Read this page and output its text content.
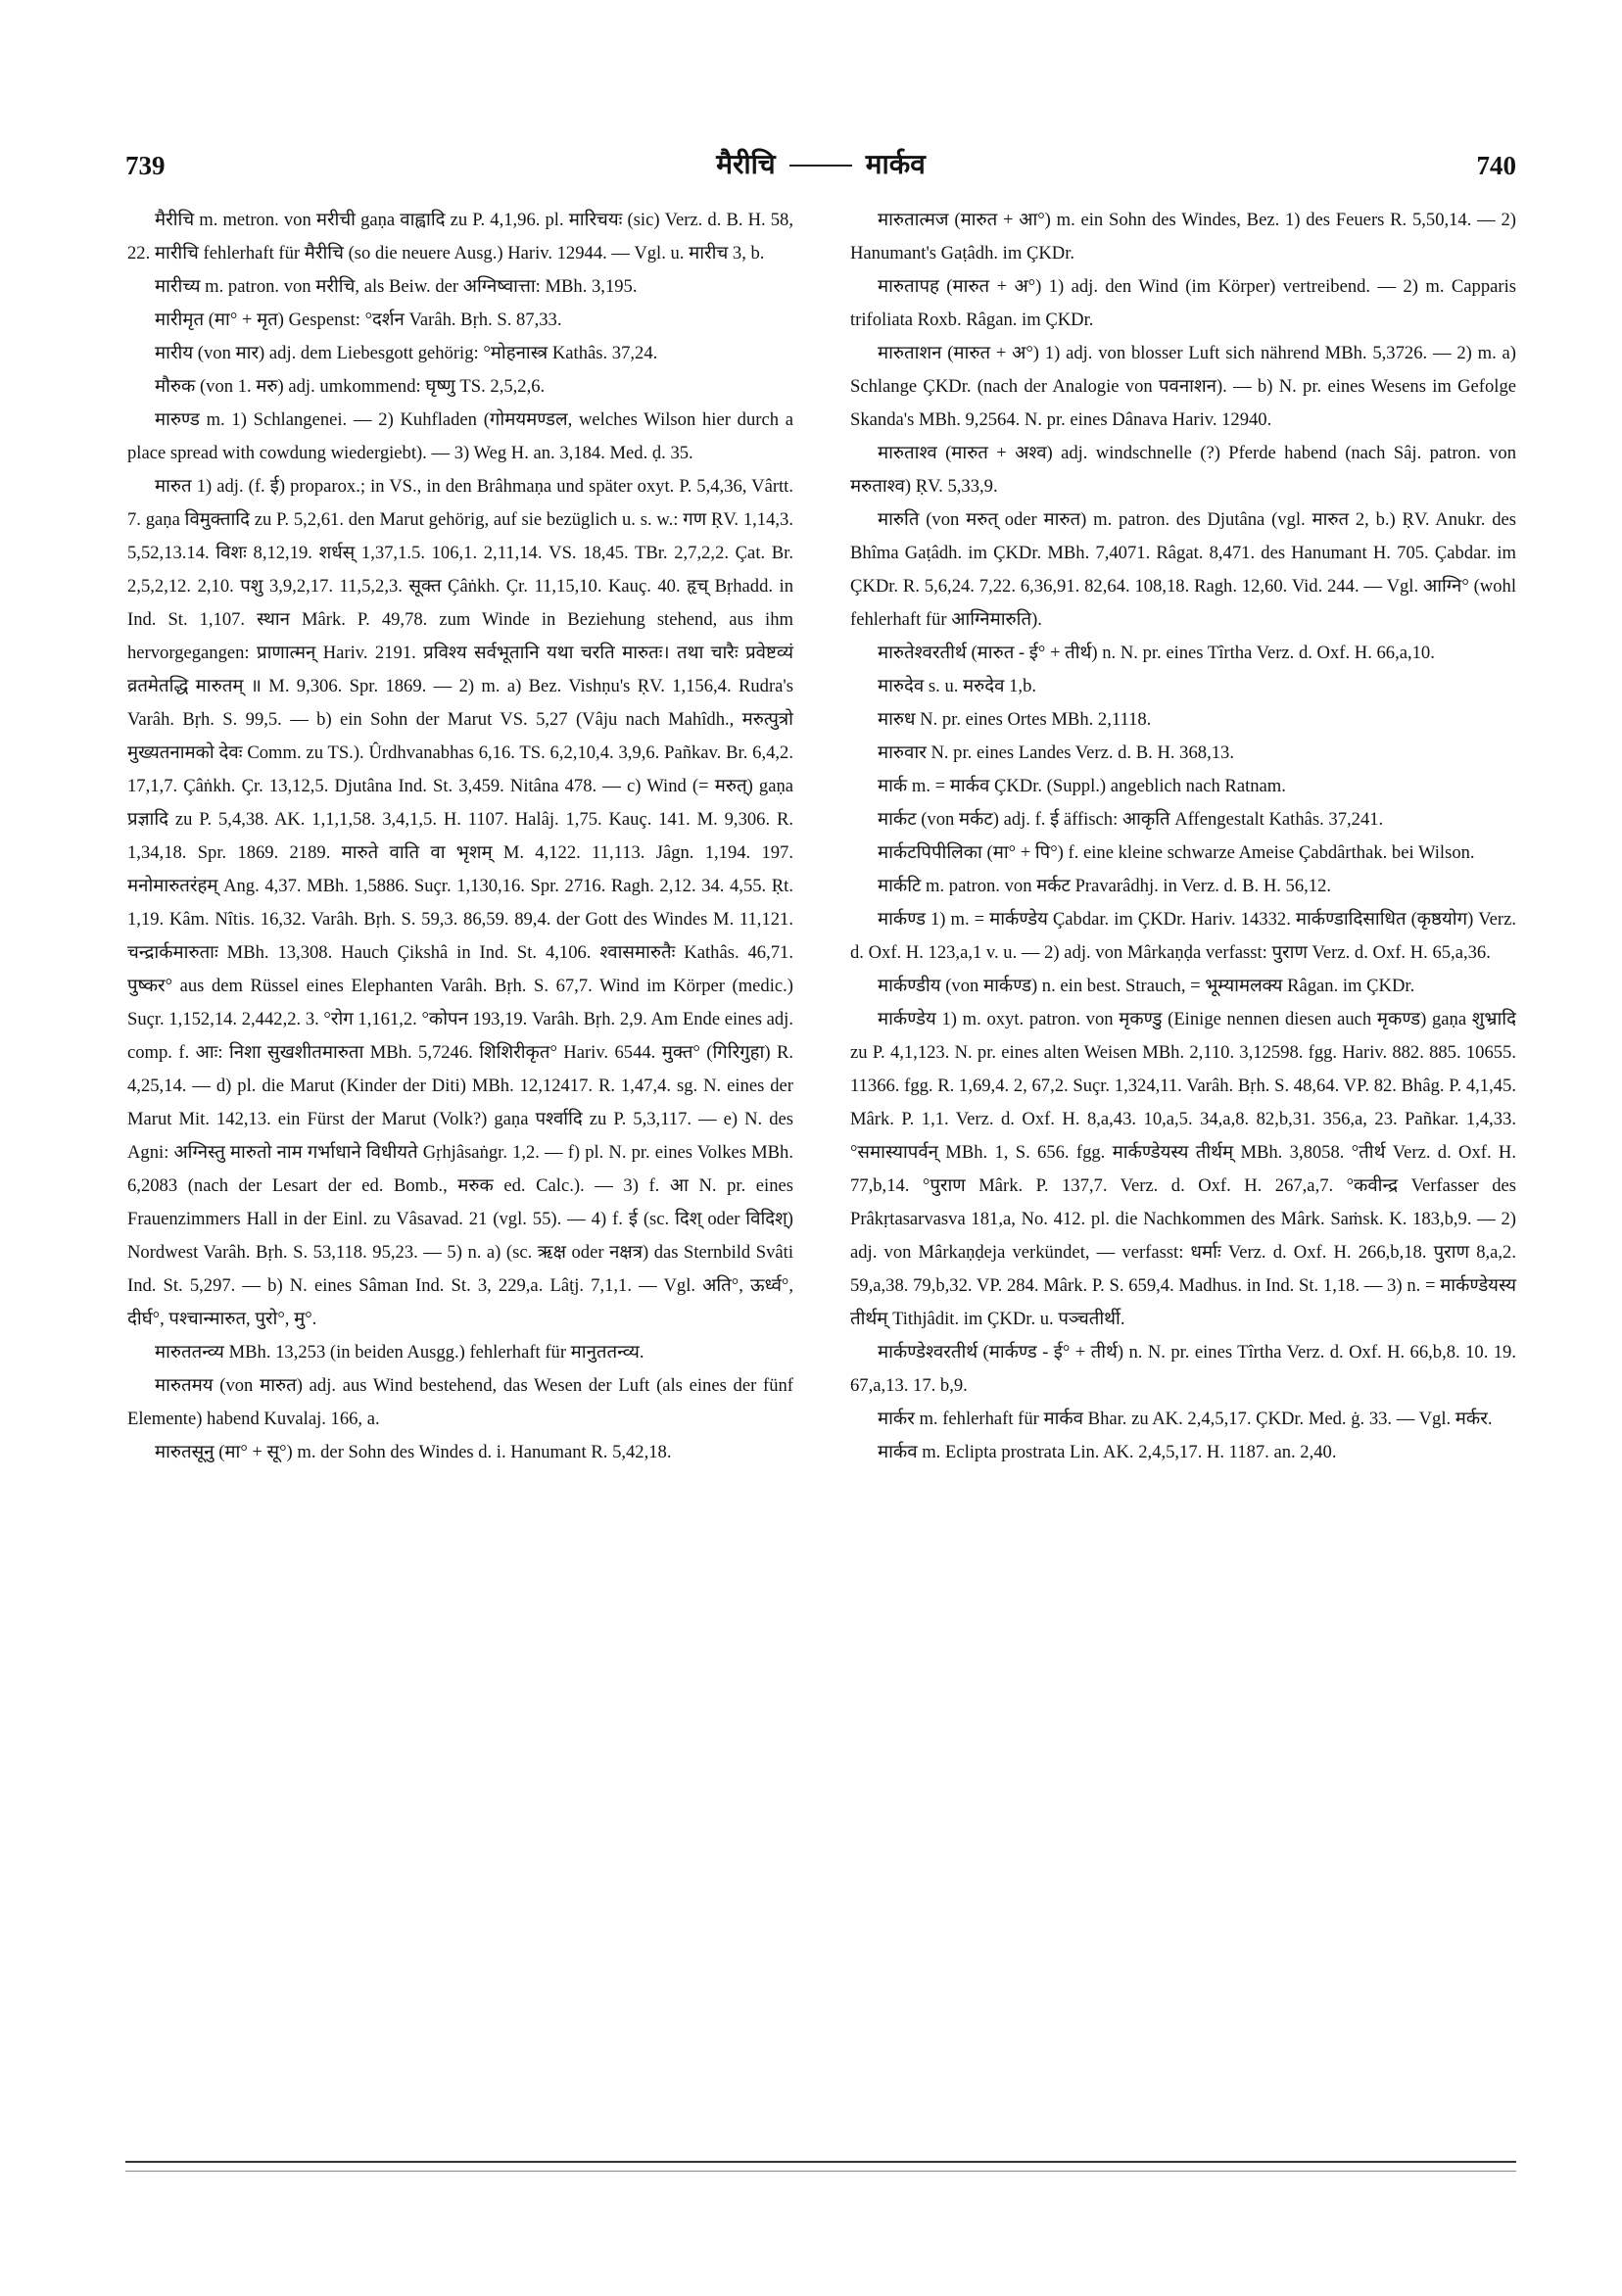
739	मैरीचि	मार्कव	740

मैरीचि m. metron. von मरीची gaṇa वाह्वादि zu P. 4,1,96. pl. मारिचयः (sic) Verz. d. B. H. 58, 22. मारीचि fehlerhaft für मैरीचि (so die neuere Ausg.) Hariv. 12944. — Vgl. u. मारीच 3, b.

मारीच्य m. patron. von मरीचि, als Beiw. der अग्निष्वात्ता: MBh. 3,195.

मारीमृत (मा° + मृत) Gespenst: °दर्शन Varâh. Bṛh. S. 87,33.

मारीय (von मार) adj. dem Liebesgott gehörig: °मोहनास्त्र Kathâs. 37,24.

मौरुक (von 1. मरु) adj. umkommend: घृष्णु TS. 2,5,2,6.

मारुण्ड m. 1) Schlangenei. — 2) Kuhfladen (गोमयमण्डल, welches Wilson hier durch a place spread with cowdung wiedergiebt). — 3) Weg H. an. 3,184. Med. ḍ. 35.

मारुत 1) adj. (f. ई) proparox.; in VS., in den Brâhmaṇa und später oxyt. P. 5,4,36, Vârtt. 7. gaṇa विमुक्तादि zu P. 5,2,61. den Marut gehörig, auf sie bezüglich u. s. w.: गण ṚV. 1,14,3. 5,52,13.14. विशः 8,12,19. शर्धस् 1,37,1.5. 106,1. 2,11,14. VS. 18,45. TBr. 2,7,2,2. Çat. Br. 2,5,2,12. 2,10. पशु 3,9,2,17. 11,5,2,3. सूक्त Çâṅkh. Çr. 11,15,10. Kauç. 40. हृच् Bṛhadd. in Ind. St. 1,107. स्थान Mârk. P. 49,78. zum Winde in Beziehung stehend, aus ihm hervorgegangen: प्राणात्मन् Hariv. 2191. प्रविश्य सर्वभूतानि यथा चरति मारुतः। तथा चारैः प्रवेष्टव्यं व्रतमेतद्धि मारुतम् ॥ M. 9,306. Spr. 1869. — 2) m. a) Bez. Vishṇu's ṚV. 1,156,4. Rudra's Varâh. Bṛh. S. 99,5. — b) ein Sohn der Marut VS. 5,27 (Vâju nach Mahîdh., मरुत्पुत्रो मुख्यतनामको देवः Comm. zu TS.). Ûrdhvanabhas 6,16. TS. 6,2,10,4. 3,9,6. Pañkav. Br. 6,4,2. 17,1,7. Çâṅkh. Çr. 13,12,5. Djutâna Ind. St. 3,459. Nitâna 478. — c) Wind (= मरुत्) gaṇa प्रज्ञादि zu P. 5,4,38. AK. 1,1,1,58. 3,4,1,5. H. 1107. Halâj. 1,75. Kauç. 141. M. 9,306. R. 1,34,18. Spr. 1869. 2189. मारुते वाति वा भृशम् M. 4,122. 11,113. Jâgn. 1,194. 197. मनोमारुतरंहम् Ang. 4,37. MBh. 1,5886. Suçr. 1,130,16. Spr. 2716. Ragh. 2,12. 34. 4,55. Ṛt. 1,19. Kâm. Nîtis. 16,32. Varâh. Bṛh. S. 59,3. 86,59. 89,4. der Gott des Windes M. 11,121. चन्द्रार्कमारुताः MBh. 13,308. Hauch Çikshâ in Ind. St. 4,106. श्वासमारुतैः Kathâs. 46,71. पुष्कर° aus dem Rüssel eines Elephanten Varâh. Bṛh. S. 67,7. Wind im Körper (medic.) Suçr. 1,152,14. 2,442,2. 3. °रोग 1,161,2. °कोपन 193,19. Varâh. Bṛh. 2,9. Am Ende eines adj. comp. f. आः: निशा सुखशीतमारुता MBh. 5,7246. शिशिरीकृत° Hariv. 6544. मुक्त° (गिरिगुहा) R. 4,25,14. — d) pl. die Marut (Kinder der Diti) MBh. 12,12417. R. 1,47,4. sg. N. eines der Marut Mit. 142,13. ein Fürst der Marut (Volk?) gaṇa पर्श्वादि zu P. 5,3,117. — e) N. des Agni: अग्निस्तु मारुतो नाम गर्भाधाने विधीयते Gṛhjâsaṅgr. 1,2. — f) pl. N. pr. eines Volkes MBh. 6,2083 (nach der Lesart der ed. Bomb., मरुक ed. Calc.). — 3) f. आ N. pr. eines Frauenzimmers Hall in der Einl. zu Vâsavad. 21 (vgl. 55). — 4) f. ई (sc. दिश् oder विदिश्) Nordwest Varâh. Bṛh. S. 53,118. 95,23. — 5) n. a) (sc. ऋक्ष oder नक्षत्र) das Sternbild Svâti Ind. St. 5,297. — b) N. eines Sâman Ind. St. 3, 229,a. Lâṭj. 7,1,1. — Vgl. अति°, ऊर्ध्व°, दीर्घ°, पश्चान्मारुत, पुरो°, मु°.

मारुततन्व्य MBh. 13,253 (in beiden Ausgg.) fehlerhaft für मानुततन्व्य.

मारुतमय (von मारुत) adj. aus Wind bestehend, das Wesen der Luft (als eines der fünf Elemente) habend Kuvalaj. 166, a.

मारुतसूनु (मा° + सू°) m. der Sohn des Windes d. i. Hanumant R. 5,42,18.

मारुतात्मज (मारुत + आ°) m. ein Sohn des Windes, Bez. 1) des Feuers R. 5,50,14. — 2) Hanumant's Gaṭâdh. im ÇKDr.

मारुतापह (मारुत + अ°) 1) adj. den Wind (im Körper) vertreibend. — 2) m. Capparis trifoliata Roxb. Râgan. im ÇKDr.

मारुताशन (मारुत + अ°) 1) adj. von blosser Luft sich nährend MBh. 5,3726. — 2) m. a) Schlange ÇKDr. (nach der Analogie von पवनाशन). — b) N. pr. eines Wesens im Gefolge Skanda's MBh. 9,2564. N. pr. eines Dânava Hariv. 12940.

मारुताश्व (मारुत + अश्व) adj. windschnelle (?) Pferde habend (nach Sâj. patron. von मरुताश्व) ṚV. 5,33,9.

मारुति (von मरुत् oder मारुत) m. patron. des Djutâna (vgl. मारुत 2, b.) ṚV. Anukr. des Bhîma Gaṭâdh. im ÇKDr. MBh. 7,4071. Râgat. 8,471. des Hanumant H. 705. Çabdar. im ÇKDr. R. 5,6,24. 7,22. 6,36,91. 82,64. 108,18. Ragh. 12,60. Vid. 244. — Vgl. आग्नि° (wohl fehlerhaft für आग्निमारुति).

मारुतेश्वरतीर्थ (मारुत - ई° + तीर्थ) n. N. pr. eines Tîrtha Verz. d. Oxf. H. 66,a,10.

मारुदेव s. u. मरुदेव 1,b.

मारुध N. pr. eines Ortes MBh. 2,1118.

मारुवार N. pr. eines Landes Verz. d. B. H. 368,13.

मार्क m. = मार्कव ÇKDr. (Suppl.) angeblich nach Ratnam.

मार्कट (von मर्कट) adj. f. ई äffisch: आकृति Affengestalt Kathâs. 37,241.

मार्कटपिपीलिका (मा° + पि°) f. eine kleine schwarze Ameise Çabdârthak. bei Wilson.

मार्कटि m. patron. von मर्कट Pravarâdhj. in Verz. d. B. H. 56,12.

मार्कण्ड 1) m. = मार्कण्डेय Çabdar. im ÇKDr. Hariv. 14332. मार्कण्डादिसाधित (कृष्ठयोग) Verz. d. Oxf. H. 123,a,1 v. u. — 2) adj. von Mârkaṇḍa verfasst: पुराण Verz. d. Oxf. H. 65,a,36.

मार्कण्डीय (von मार्कण्ड) n. ein best. Strauch, = भूम्यामलक्य Râgan. im ÇKDr.

मार्कण्डेय 1) m. oxyt. patron. von मृकण्डु (Einige nennen diesen auch मृकण्ड) gaṇa शुभ्रादि zu P. 4,1,123. N. pr. eines alten Weisen MBh. 2,110. 3,12598. fgg. Hariv. 882. 885. 10655. 11366. fgg. R. 1,69,4. 2, 67,2. Suçr. 1,324,11. Varâh. Bṛh. S. 48,64. VP. 82. Bhâg. P. 4,1,45. Mârk. P. 1,1. Verz. d. Oxf. H. 8,a,43. 10,a,5. 34,a,8. 82,b,31. 356,a, 23. Pañkar. 1,4,33. °समास्यापर्वन् MBh. 1, S. 656. fgg. मार्कण्डेयस्य तीर्थम् MBh. 3,8058. °तीर्थ Verz. d. Oxf. H. 77,b,14. °पुराण Mârk. P. 137,7. Verz. d. Oxf. H. 267,a,7. °कवीन्द्र Verfasser des Prâkṛtasarvasva 181,a, No. 412. pl. die Nachkommen des Mârk. Saṁsk. K. 183,b,9. — 2) adj. von Mârkaṇḍeja verkündet, — verfasst: धर्माः Verz. d. Oxf. H. 266,b,18. पुराण 8,a,2. 59,a,38. 79,b,32. VP. 284. Mârk. P. S. 659,4. Madhus. in Ind. St. 1,18. — 3) n. = मार्कण्डेयस्य तीर्थम् Tithjâdit. im ÇKDr. u. पञ्चतीर्थी.

मार्कण्डेश्वरतीर्थ (मार्कण्ड - ई° + तीर्थ) n. N. pr. eines Tîrtha Verz. d. Oxf. H. 66,b,8. 10. 19. 67,a,13. 17. b,9.

मार्कर m. fehlerhaft für मार्कव Bhar. zu AK. 2,4,5,17. ÇKDr. Med. ġ. 33. — Vgl. मर्कर.

मार्कव m. Eclipta prostrata Lin. AK. 2,4,5,17. H. 1187. an. 2,40.
